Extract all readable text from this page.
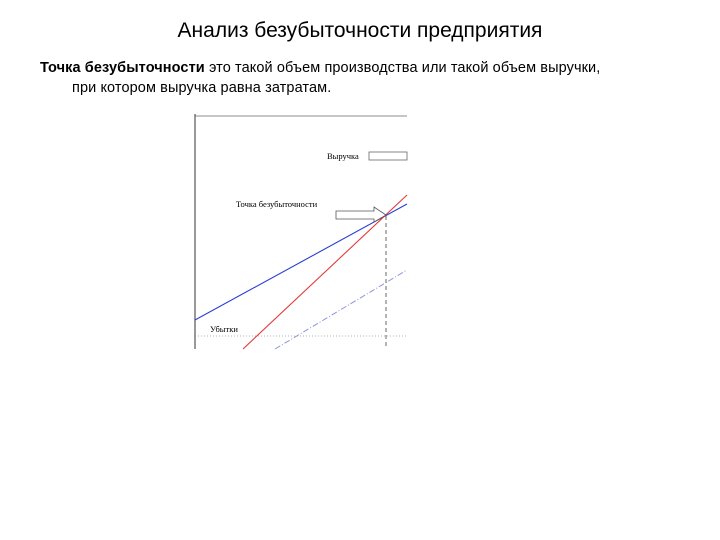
Анализ безубыточности предприятия
Точка безубыточности это такой объем производства или такой объем выручки,
при котором выручка равна затратам.
Выручка
Точка безубыточности
Убытки
